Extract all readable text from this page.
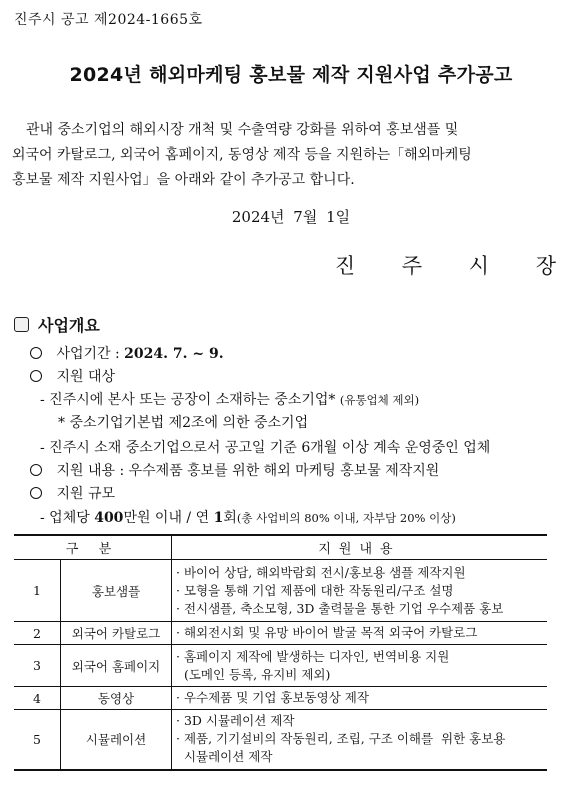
진주시 공고 제2024-1665호
2024년 해외마케팅 홍보물 제작 지원사업 추가공고
관내 중소기업의 해외시장 개척 및 수출역량 강화를 위하여 홍보샘플 및
외국어 카탈로그, 외국어 홈페이지, 동영상 제작 등을 지원하는「해외마케팅
홍보물 제작 지원사업」을 아래와 같이 추가공고 합니다.
2024년 7월 1일
진 주 시 장
사업개요
사업기간 : 2024. 7. ~ 9.
지원 대상
- 진주시에 본사 또는 공장이 소재하는 중소기업* (유통업체 제외)
* 중소기업기본법 제2조에 의한 중소기업
- 진주시 소재 중소기업으로서 공고일 기준 6개월 이상 계속 운영중인 업체
지원 내용 : 우수제품 홍보를 위한 해외 마케팅 홍보물 제작지원
지원 규모
- 업체당 400만원 이내 / 연 1회(총 사업비의 80% 이내, 자부담 20% 이상)
구 분		지원내용
1	홍보샘플	· 바이어 상담, 해외박람회 전시/홍보용 샘플 제작지원
· 모형을 통해 기업 제품에 대한 작동원리/구조 설명
· 전시샘플, 축소모형, 3D 출력물을 통한 기업 우수제품 홍보

2	외국어 카탈로그	· 해외전시회 및 유망 바이어 발굴 목적 외국어 카탈로그

3	외국어 홈페이지	· 홈페이지 제작에 발생하는 디자인, 번역비용 지원
(도메인 등록, 유지비 제외)

4	동영상	· 우수제품 및 기업 홍보동영상 제작

5	시뮬레이션	· 3D 시뮬레이션 제작
· 제품, 기기설비의 작동원리, 조립, 구조 이해를  위한 홍보용
시뮬레이션 제작
